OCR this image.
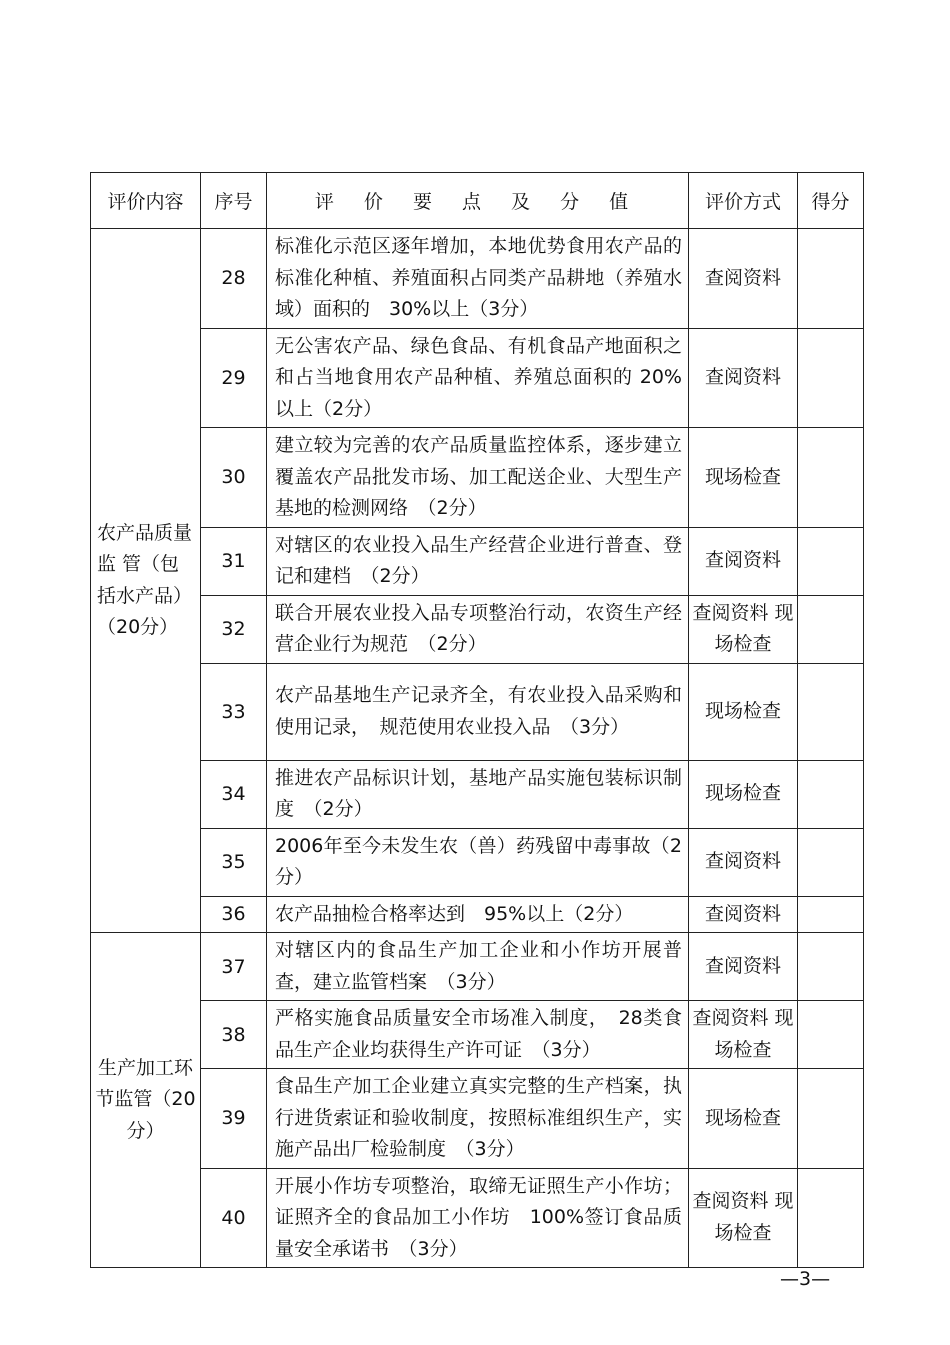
评价内容	序号	评 价 要 点 及 分 值	评价方式	得分
农产品质量 监 管（包括水产品）（20分）	28	标准化示范区逐年增加，本地优势食用农产品的标准化种植、养殖面积占同类产品耕地（养殖水域）面积的　30%以上（3分）	查阅资料	
	29	无公害农产品、绿色食品、有机食品产地面积之和占当地食用农产品种植、养殖总面积的 20%以上（2分）	查阅资料	
	30	建立较为完善的农产品质量监控体系，逐步建立覆盖农产品批发市场、加工配送企业、大型生产基地的检测网络　（2分）	现场检查	
	31	对辖区的农业投入品生产经营企业进行普查、登记和建档　（2分）	查阅资料	
	32	联合开展农业投入品专项整治行动，农资生产经营企业行为规范　（2分）	查阅资料 现场检查	
	33	农产品基地生产记录齐全，有农业投入品采购和使用记录，　规范使用农业投入品　（3分）	现场检查	
	34	推进农产品标识计划，基地产品实施包装标识制度　（2分）	现场检查	
	35	2006年至今未发生农（兽）药残留中毒事故（2分）	查阅资料	
	36	农产品抽检合格率达到　95%以上（2分）	查阅资料	
生产加工环节监管（20分）	37	对辖区内的食品生产加工企业和小作坊开展普查，建立监管档案　（3分）	查阅资料	
	38	严格实施食品质量安全市场准入制度，　28类食品生产企业均获得生产许可证　（3分）	查阅资料 现场检查	
	39	食品生产加工企业建立真实完整的生产档案，执行进货索证和验收制度，按照标准组织生产，实施产品出厂检验制度　（3分）	现场检查	
	40	开展小作坊专项整治，取缔无证照生产小作坊；证照齐全的食品加工小作坊　100%签订食品质量安全承诺书　（3分）	查阅资料 现场检查	
—3—
